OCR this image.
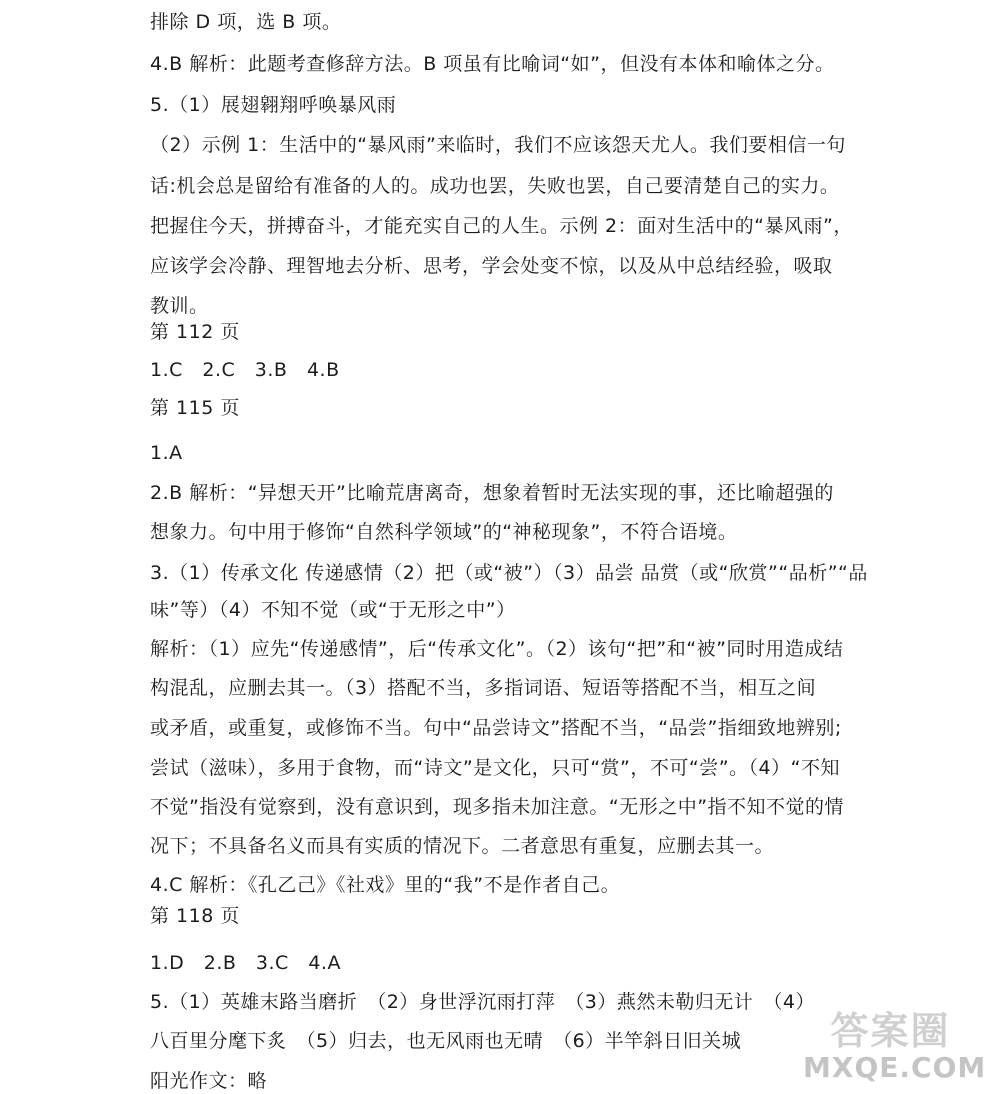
排除 D 项，选 B 项。
4.B 解析：此题考查修辞方法。B 项虽有比喻词“如”，但没有本体和喻体之分。
5.（1）展翅翱翔呼唤暴风雨
（2）示例 1：生活中的“暴风雨”来临时，我们不应该怨天尤人。我们要相信一句
话:机会总是留给有准备的人的。成功也罢，失败也罢，自己要清楚自己的实力。
把握住今天，拼搏奋斗，才能充实自己的人生。示例 2：面对生活中的“暴风雨”，
应该学会冷静、理智地去分析、思考，学会处变不惊，以及从中总结经验，吸取
教训。
第 112 页
1.C　2.C　3.B　4.B
第 115 页
1.A
2.B 解析：“异想天开”比喻荒唐离奇，想象着暂时无法实现的事，还比喻超强的
想象力。句中用于修饰“自然科学领域”的“神秘现象”，不符合语境。
3.（1）传承文化 传递感情（2）把（或“被”）（3）品尝 品赏（或“欣赏”“品析”“品
味”等）（4）不知不觉（或“于无形之中”）
解析：（1）应先“传递感情”，后“传承文化”。（2）该句“把”和“被”同时用造成结
构混乱，应删去其一。（3）搭配不当，多指词语、短语等搭配不当，相互之间
或矛盾，或重复，或修饰不当。句中“品尝诗文”搭配不当，“品尝”指细致地辨别;
尝试（滋味），多用于食物，而“诗文”是文化，只可“赏”，不可“尝”。（4）“不知
不觉”指没有觉察到，没有意识到，现多指未加注意。“无形之中”指不知不觉的情
况下；不具备名义而具有实质的情况下。二者意思有重复，应删去其一。
4.C 解析：《孔乙己》《社戏》里的“我”不是作者自己。
第 118 页
1.D　2.B　3.C　4.A
5.（1）英雄末路当磨折　（2）身世浮沉雨打萍　（3）燕然未勒归无计　（4）
八百里分麾下炙　（5）归去，也无风雨也无晴　（6）半竿斜日旧关城
阳光作文：略
答案圈
MXQE.COM
